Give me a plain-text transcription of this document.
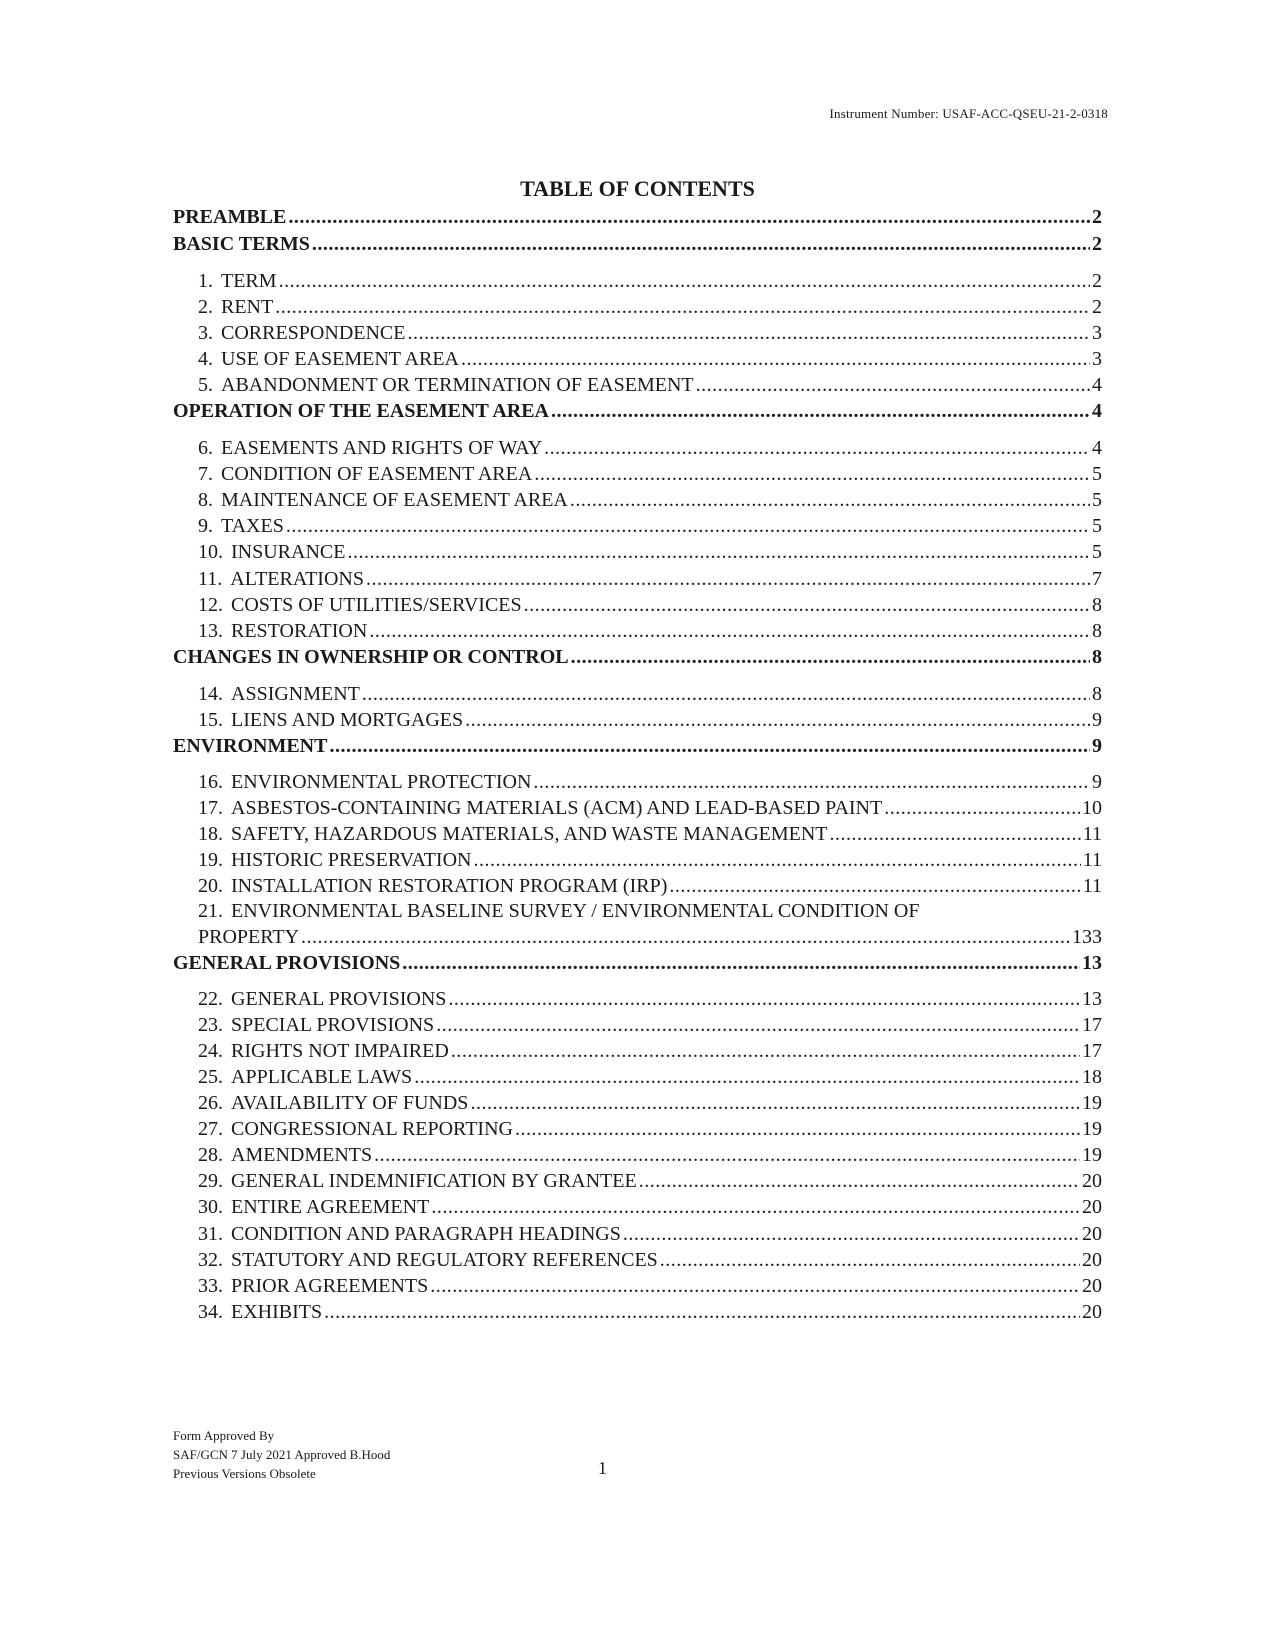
Instrument Number: USAF-ACC-QSEU-21-2-0318
TABLE OF CONTENTS
PREAMBLE .....	2
BASIC TERMS .....	2
1. TERM .....	2
2. RENT .....	2
3. CORRESPONDENCE .....	3
4. USE OF EASEMENT AREA .....	3
5. ABANDONMENT OR TERMINATION OF EASEMENT .....	4
OPERATION OF THE EASEMENT AREA .....	4
6. EASEMENTS AND RIGHTS OF WAY .....	4
7. CONDITION OF EASEMENT AREA .....	5
8. MAINTENANCE OF EASEMENT AREA .....	5
9. TAXES .....	5
10. INSURANCE .....	5
11. ALTERATIONS .....	7
12. COSTS OF UTILITIES/SERVICES .....	8
13. RESTORATION .....	8
CHANGES IN OWNERSHIP OR CONTROL .....	8
14. ASSIGNMENT .....	8
15. LIENS AND MORTGAGES .....	9
ENVIRONMENT .....	9
16. ENVIRONMENTAL PROTECTION .....	9
17. ASBESTOS-CONTAINING MATERIALS (ACM) AND LEAD-BASED PAINT .....	10
18. SAFETY, HAZARDOUS MATERIALS, AND WASTE MANAGEMENT .....	11
19. HISTORIC PRESERVATION .....	11
20. INSTALLATION RESTORATION PROGRAM (IRP) .....	11
21. ENVIRONMENTAL BASELINE SURVEY / ENVIRONMENTAL CONDITION OF
PROPERTY .....	133
GENERAL PROVISIONS .....	13
22. GENERAL PROVISIONS .....	13
23. SPECIAL PROVISIONS .....	17
24. RIGHTS NOT IMPAIRED .....	17
25. APPLICABLE LAWS .....	18
26. AVAILABILITY OF FUNDS .....	19
27. CONGRESSIONAL REPORTING .....	19
28. AMENDMENTS .....	19
29. GENERAL INDEMNIFICATION BY GRANTEE .....	20
30. ENTIRE AGREEMENT .....	20
31. CONDITION AND PARAGRAPH HEADINGS .....	20
32. STATUTORY AND REGULATORY REFERENCES .....	20
33. PRIOR AGREEMENTS .....	20
34. EXHIBITS .....	20
Form Approved By
SAF/GCN 7 July 2021 Approved B.Hood
Previous Versions Obsolete	1
